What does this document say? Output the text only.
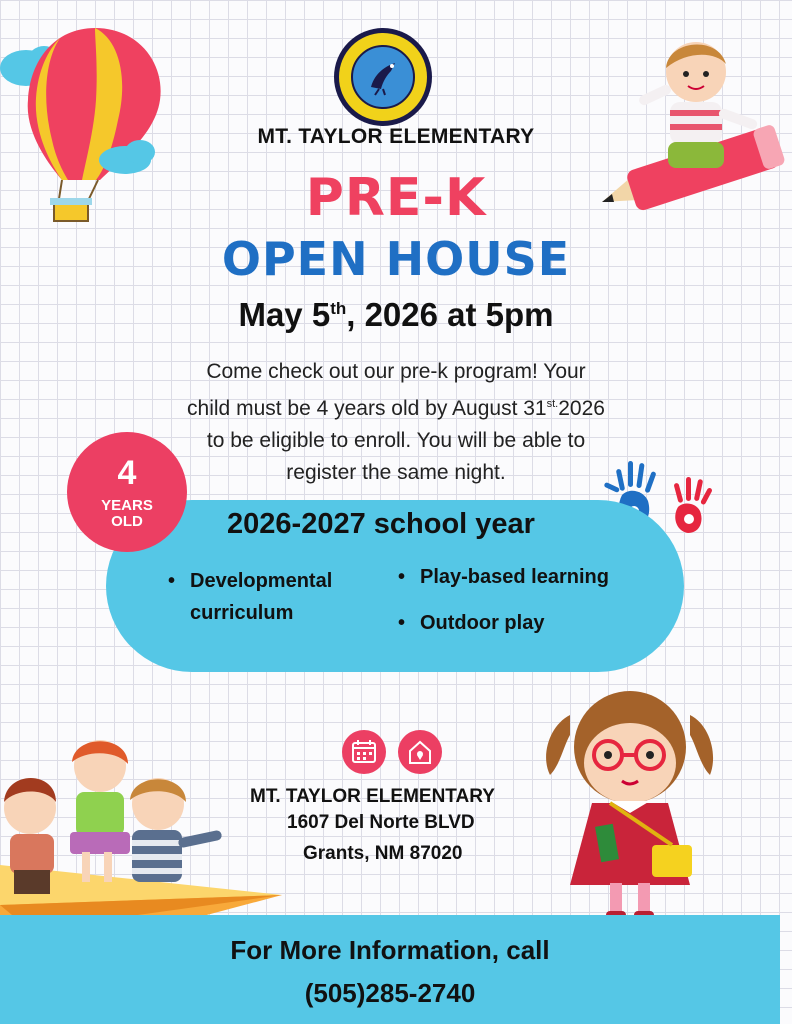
MT. TAYLOR ELEMENTARY
PRE-K
OPEN HOUSE
May 5th, 2026 at 5pm
Come check out our pre-k program! Your
child must be 4 years old by August $31^{st.}2026$
to be eligible to enroll. You will be able to
register the same night.
4
YEARS
OLD	2026-2027 school year
• Developmental
curriculum
• Play-based learning
• Outdoor play
MT. TAYLOR ELEMENTARY
1607 Del Norte BLVD
Grants, NM 87020
For More Information, call
(505)285-2740
